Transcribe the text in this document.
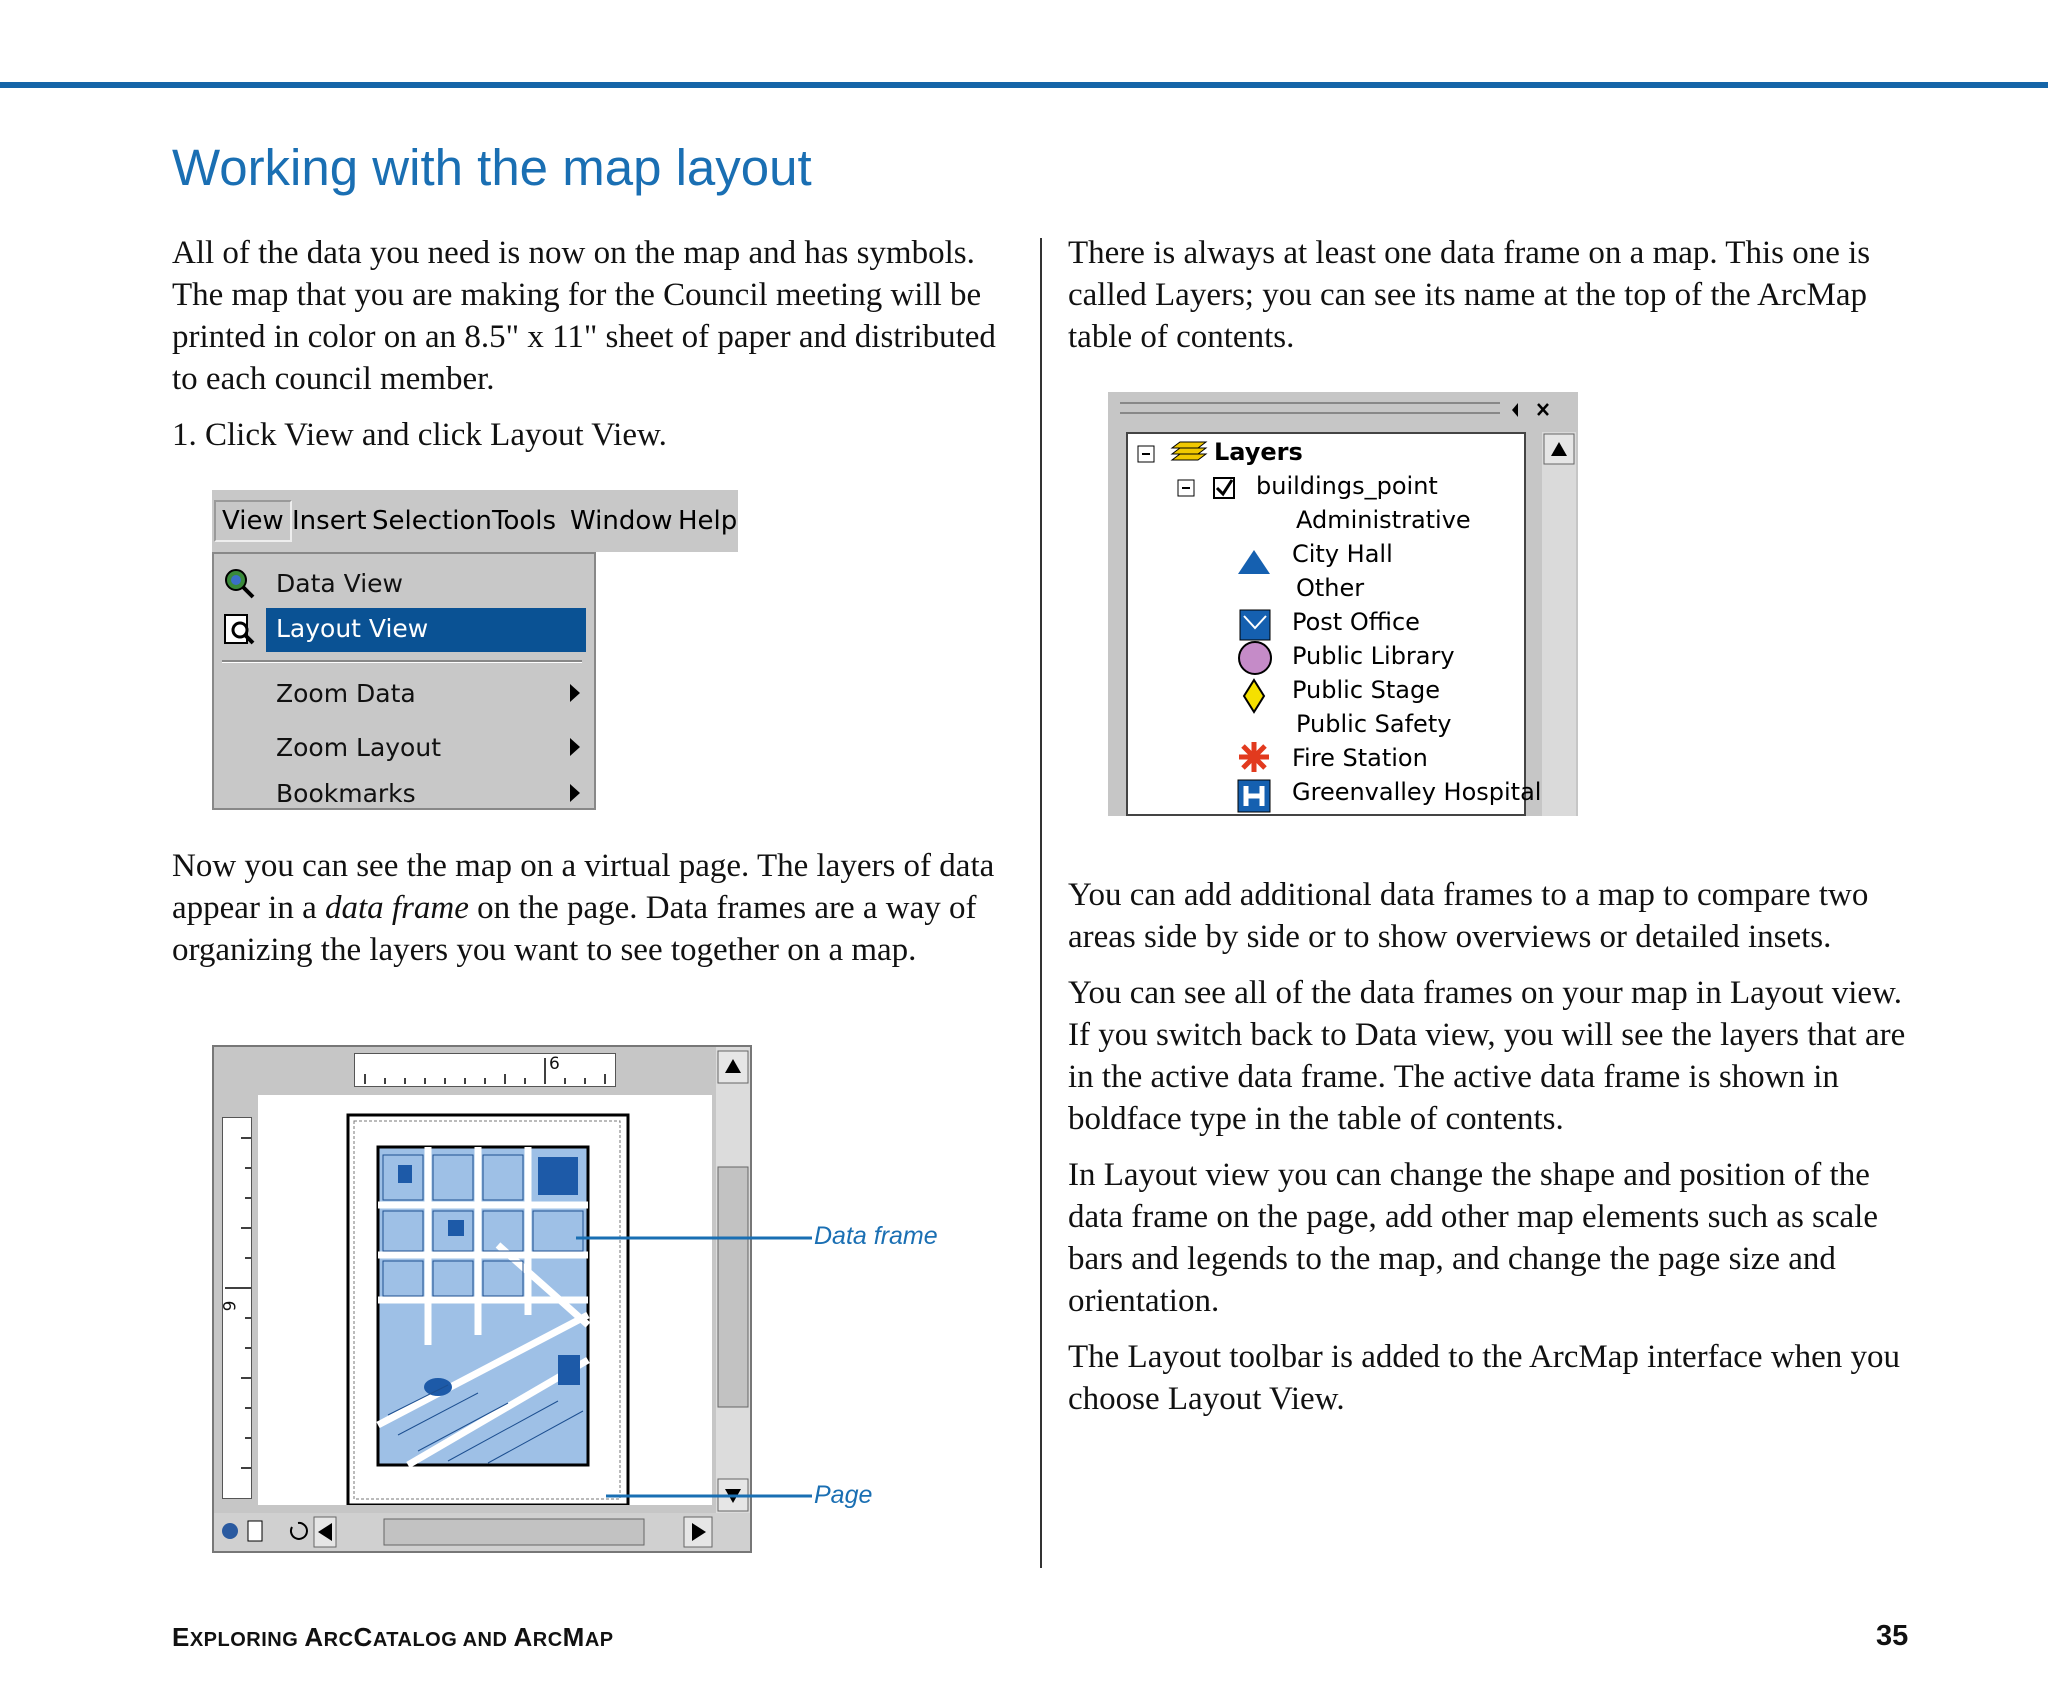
Working with the map layout

All of the data you need is now on the map and has symbols. The map that you are making for the Council meeting will be printed in color on an 8.5" x 11" sheet of paper and distributed to each council member.

1. Click View and click Layout View.

View Insert Selection Tools Window Help
Data View
Layout View
Zoom Data
Zoom Layout
Bookmarks

Now you can see the map on a virtual page. The layers of data appear in a data frame on the page. Data frames are a way of organizing the layers you want to see together on a map.

6
9
Data frame
Page

There is always at least one data frame on a map. This one is called Layers; you can see its name at the top of the ArcMap table of contents.

Layers
buildings_point
Administrative
City Hall
Other
Post Office
Public Library
Public Stage
Public Safety
Fire Station
Greenvalley Hospital

You can add additional data frames to a map to compare two areas side by side or to show overviews or detailed insets.

You can see all of the data frames on your map in Layout view. If you switch back to Data view, you will see the layers that are in the active data frame. The active data frame is shown in boldface type in the table of contents.

In Layout view you can change the shape and position of the data frame on the page, add other map elements such as scale bars and legends to the map, and change the page size and orientation.

The Layout toolbar is added to the ArcMap interface when you choose Layout View.

EXPLORING ARCCATALOG AND ARCMAP	35
